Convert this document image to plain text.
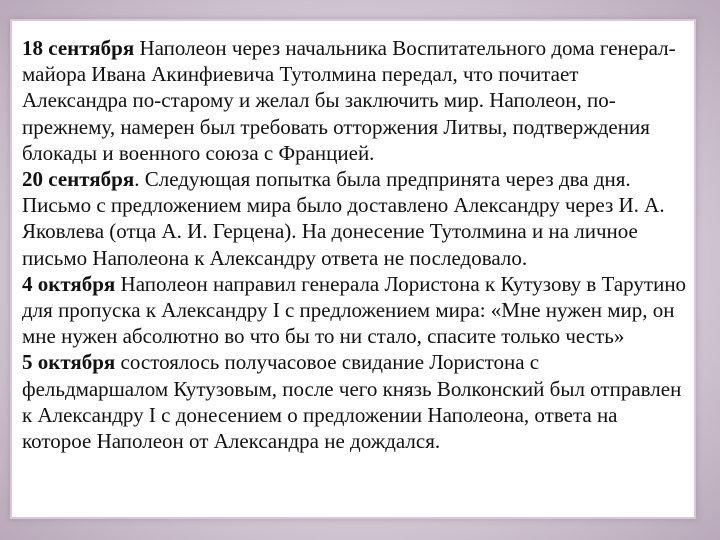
18 сентября Наполеон через начальника Воспитательного дома генерал-майора Ивана Акинфиевича Тутолмина передал, что почитает Александра по-старому и желал бы заключить мир. Наполеон, по-прежнему, намерен был требовать отторжения Литвы, подтверждения блокады и военного союза с Францией.

20 сентября. Следующая попытка была предпринята через два дня. Письмо с предложением мира было доставлено Александру через И. А. Яковлева (отца А. И. Герцена). На донесение Тутолмина и на личное письмо Наполеона к Александру ответа не последовало.

4 октября Наполеон направил генерала Лористона к Кутузову в Тарутино для пропуска к Александру I с предложением мира: «Мне нужен мир, он мне нужен абсолютно во что бы то ни стало, спасите только честь»

5 октября состоялось получасовое свидание Лористона с фельдмаршалом Кутузовым, после чего князь Волконский был отправлен к Александру I с донесением о предложении Наполеона, ответа на которое Наполеон от Александра не дождался.
